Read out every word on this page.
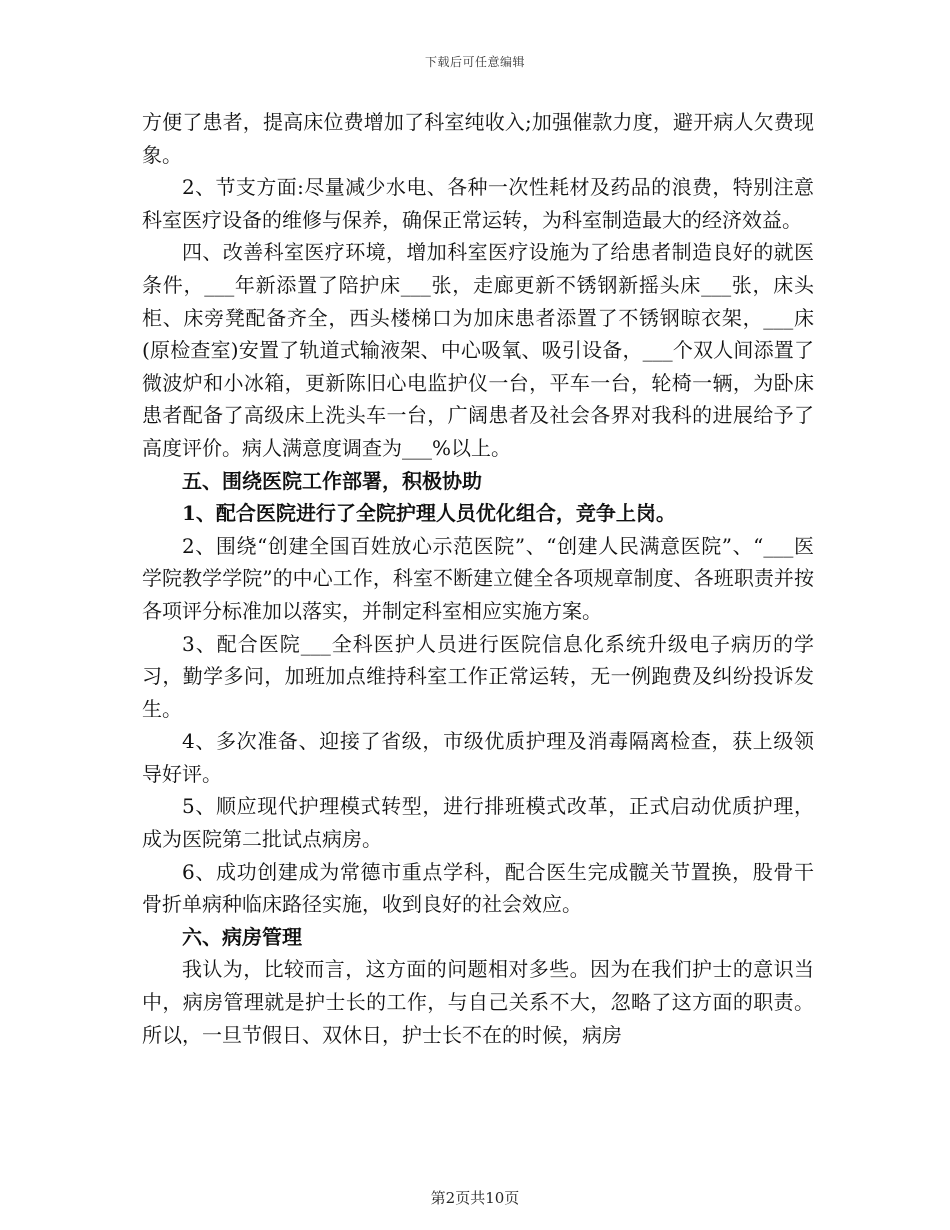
下载后可任意编辑

方便了患者，提高床位费增加了科室纯收入;加强催款力度，避开病人欠费现象。

2、节支方面:尽量减少水电、各种一次性耗材及药品的浪费，特别注意科室医疗设备的维修与保养，确保正常运转，为科室制造最大的经济效益。

四、改善科室医疗环境，增加科室医疗设施为了给患者制造良好的就医条件，___年新添置了陪护床___张，走廊更新不锈钢新摇头床___张，床头柜、床旁凳配备齐全，西头楼梯口为加床患者添置了不锈钢晾衣架，___床(原检查室)安置了轨道式输液架、中心吸氧、吸引设备，___个双人间添置了微波炉和小冰箱，更新陈旧心电监护仪一台，平车一台，轮椅一辆，为卧床患者配备了高级床上洗头车一台，广阔患者及社会各界对我科的进展给予了高度评价。病人满意度调查为___%以上。

五、围绕医院工作部署，积极协助

1、配合医院进行了全院护理人员优化组合，竞争上岗。

2、围绕“创建全国百姓放心示范医院”、“创建人民满意医院”、“___医学院教学学院”的中心工作，科室不断建立健全各项规章制度、各班职责并按各项评分标准加以落实，并制定科室相应实施方案。

3、配合医院___全科医护人员进行医院信息化系统升级电子病历的学习，勤学多问，加班加点维持科室工作正常运转，无一例跑费及纠纷投诉发生。

4、多次准备、迎接了省级，市级优质护理及消毒隔离检查，获上级领导好评。

5、顺应现代护理模式转型，进行排班模式改革，正式启动优质护理，成为医院第二批试点病房。

6、成功创建成为常德市重点学科，配合医生完成髋关节置换，股骨干骨折单病种临床路径实施，收到良好的社会效应。

六、病房管理

我认为，比较而言，这方面的问题相对多些。因为在我们护士的意识当中，病房管理就是护士长的工作，与自己关系不大，忽略了这方面的职责。所以，一旦节假日、双休日，护士长不在的时候，病房

第2页共10页
